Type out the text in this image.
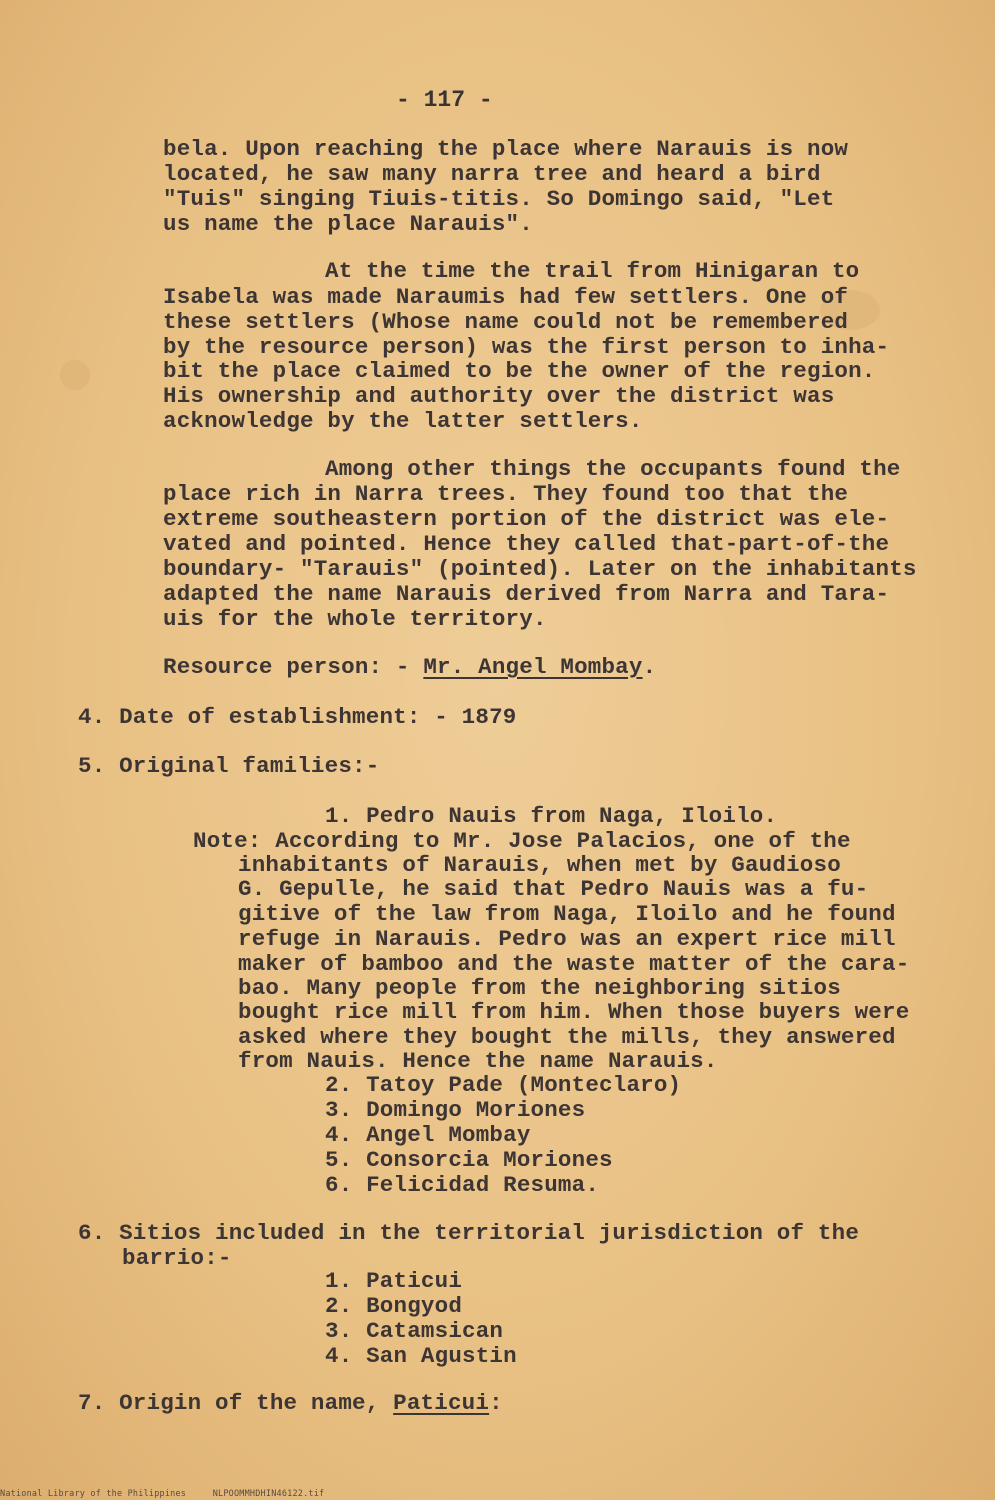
- 117 -
bela. Upon reaching the place where Narauis is now
located, he saw many narra tree and heard a bird
"Tuis" singing Tiuis-titis. So Domingo said, "Let
us name the place Narauis".
At the time the trail from Hinigaran to
Isabela was made Naraumis had few settlers. One of
these settlers (Whose name could not be remembered
by the resource person) was the first person to inha-
bit the place claimed to be the owner of the region.
His ownership and authority over the district was
acknowledge by the latter settlers.
Among other things the occupants found the
place rich in Narra trees. They found too that the
extreme southeastern portion of the district was ele-
vated and pointed. Hence they called that-part-of-the
boundary- "Tarauis" (pointed). Later on the inhabitants
adapted the name Narauis derived from Narra and Tara-
uis for the whole territory.
Resource person: - Mr. Angel Mombay.
4. Date of establishment: - 1879
5. Original families:-
1. Pedro Nauis from Naga, Iloilo.
Note: According to Mr. Jose Palacios, one of the
inhabitants of Narauis, when met by Gaudioso
G. Gepulle, he said that Pedro Nauis was a fu-
gitive of the law from Naga, Iloilo and he found
refuge in Narauis. Pedro was an expert rice mill
maker of bamboo and the waste matter of the cara-
bao. Many people from the neighboring sitios
bought rice mill from him. When those buyers were
asked where they bought the mills, they answered
from Nauis. Hence the name Narauis.
2. Tatoy Pade (Monteclaro)
3. Domingo Moriones
4. Angel Mombay
5. Consorcia Moriones
6. Felicidad Resuma.
6. Sitios included in the territorial jurisdiction of the
barrio:-
1. Paticui
2. Bongyod
3. Catamsican
4. San Agustin
7. Origin of the name, Paticui:
National Library of the Philippines     NLPOOMMHDHIN46122.tif
